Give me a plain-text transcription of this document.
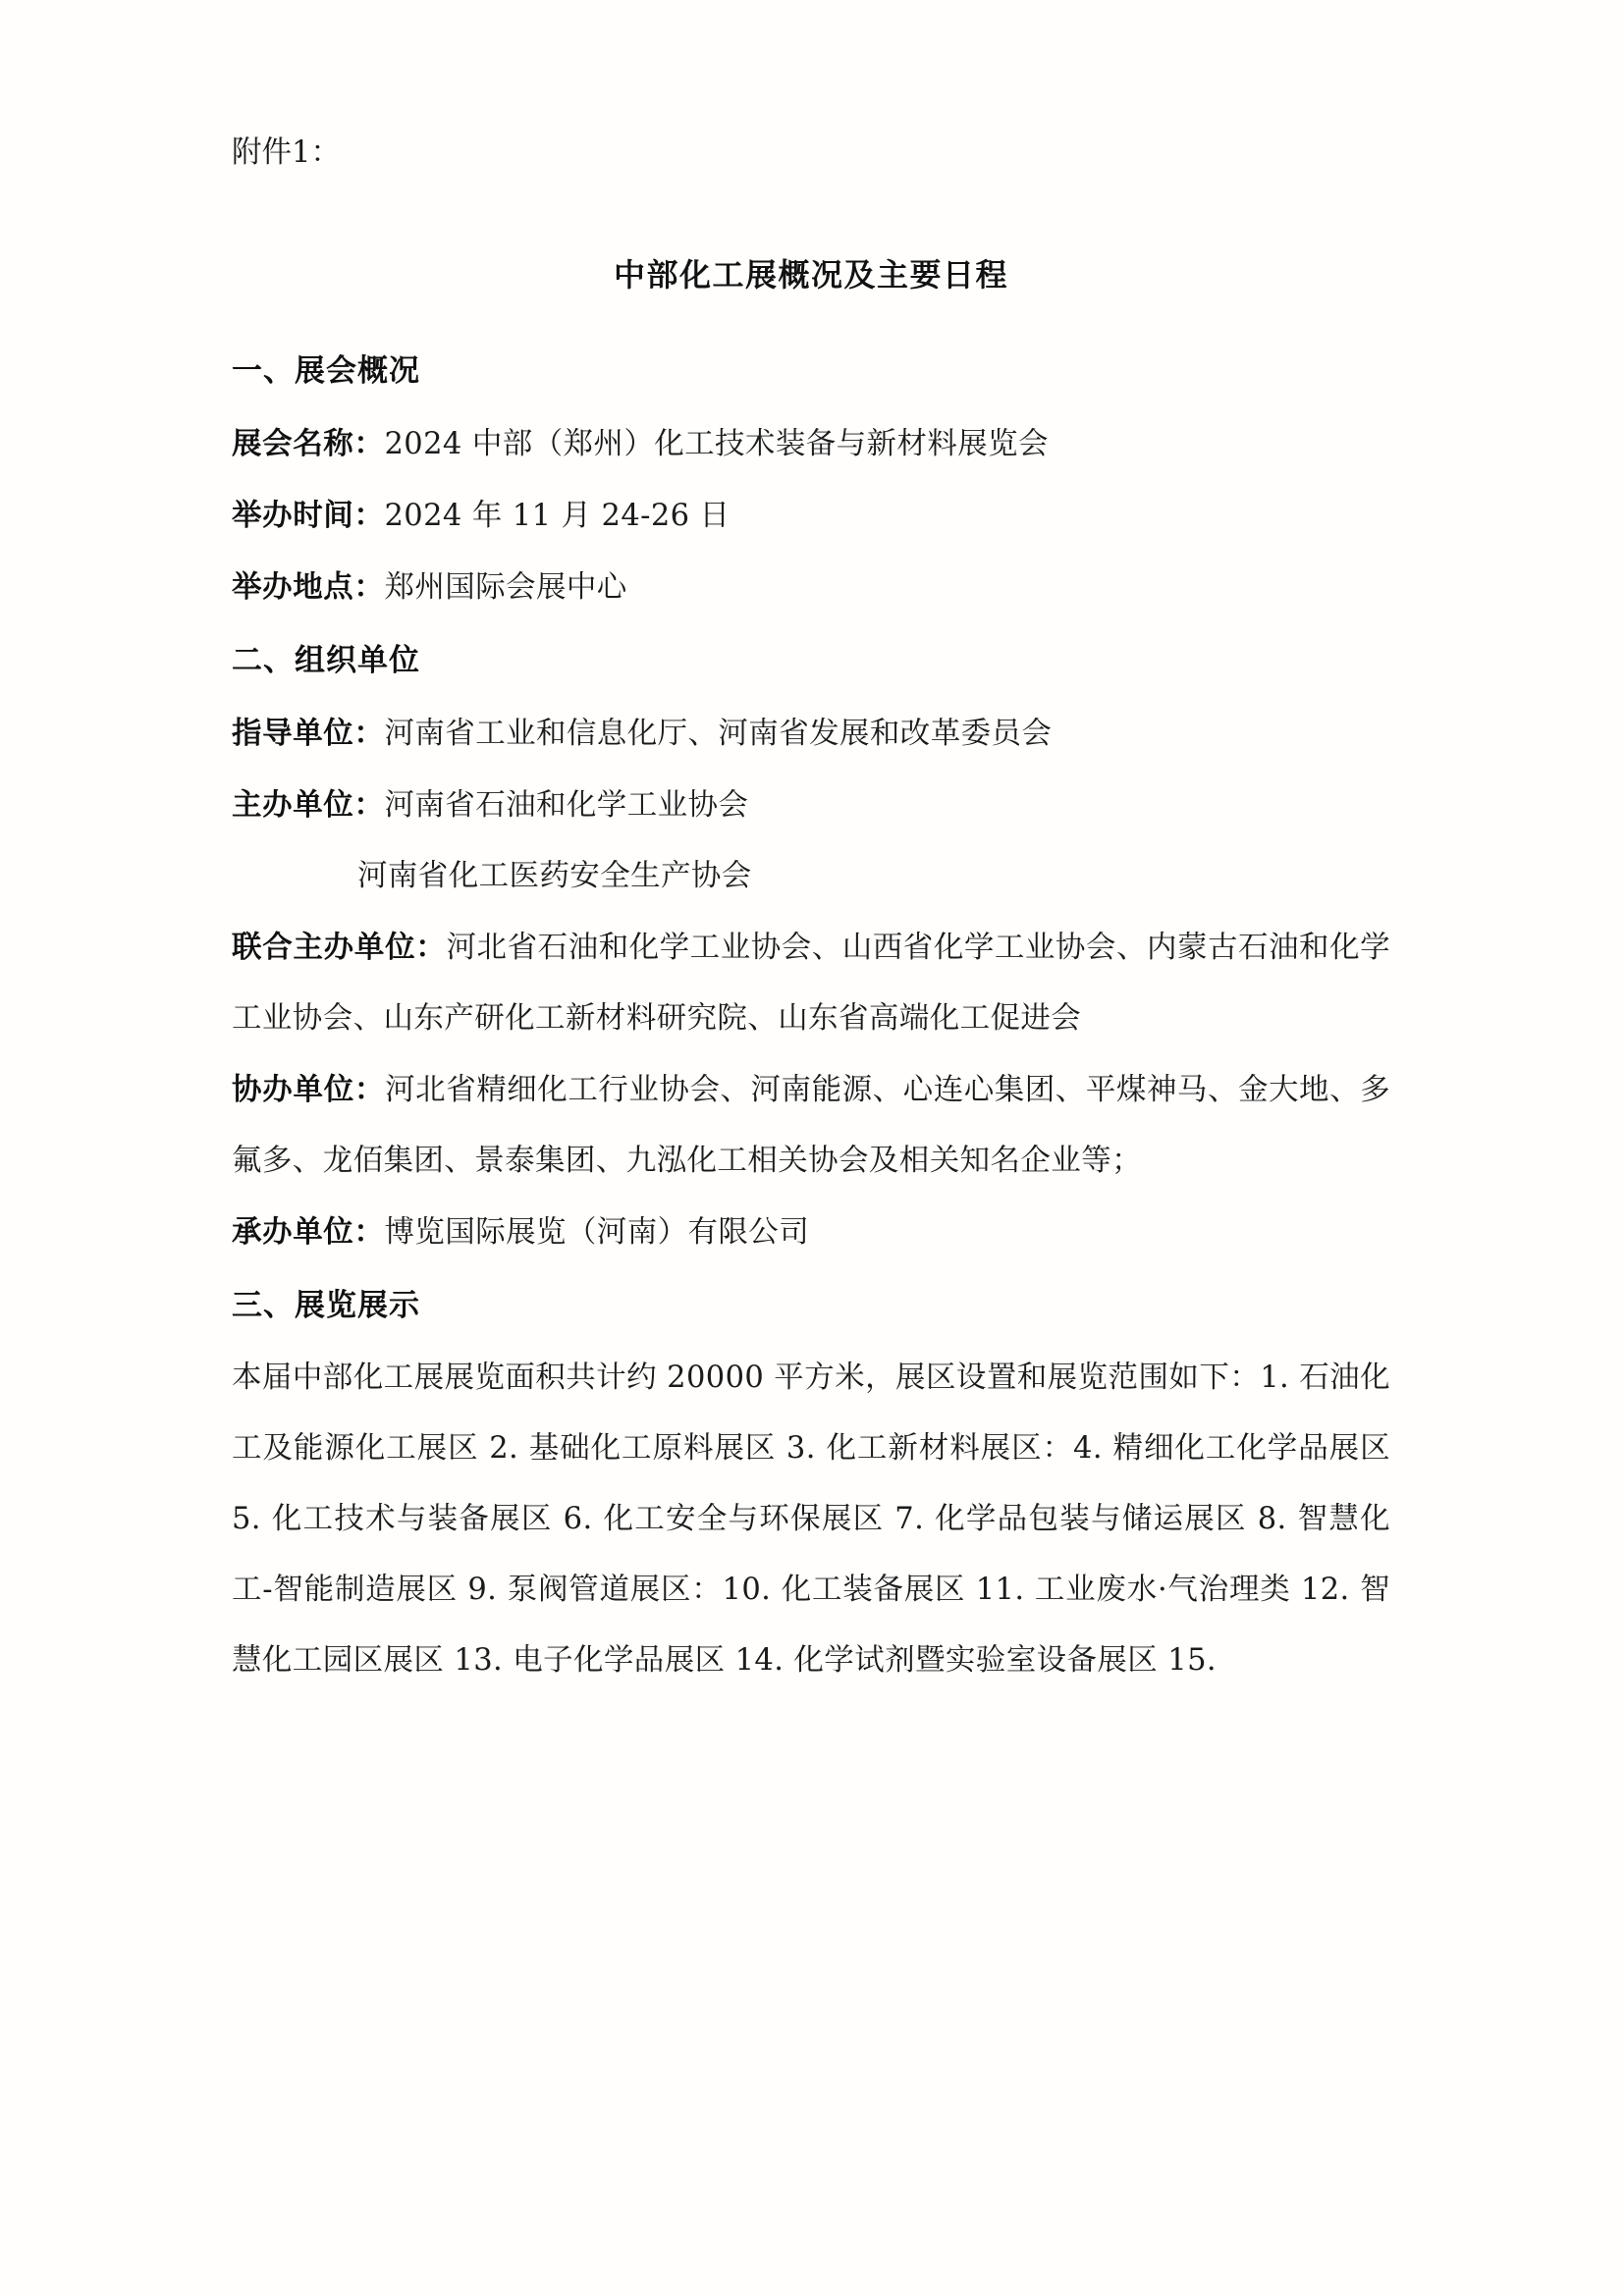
附件1：

中部化工展概况及主要日程
一、展会概况

展会名称：2024 中部（郑州）化工技术装备与新材料展览会

举办时间：2024 年 11 月 24-26 日

举办地点：郑州国际会展中心

二、组织单位

指导单位：河南省工业和信息化厅、河南省发展和改革委员会

主办单位：河南省石油和化学工业协会

河南省化工医药安全生产协会

联合主办单位：河北省石油和化学工业协会、山西省化学工业协会、内蒙古石油和化学工业协会、山东产研化工新材料研究院、山东省高端化工促进会

协办单位：河北省精细化工行业协会、河南能源、心连心集团、平煤神马、金大地、多氟多、龙佰集团、景泰集团、九泓化工相关协会及相关知名企业等；

承办单位：博览国际展览（河南）有限公司

三、展览展示

本届中部化工展展览面积共计约 20000 平方米，展区设置和展览范围如下：1. 石油化工及能源化工展区 2. 基础化工原料展区 3. 化工新材料展区：4. 精细化工化学品展区 5. 化工技术与装备展区 6. 化工安全与环保展区 7. 化学品包装与储运展区 8. 智慧化工-智能制造展区 9. 泵阀管道展区：10. 化工装备展区 11. 工业废水·气治理类 12. 智慧化工园区展区 13. 电子化学品展区 14. 化学试剂暨实验室设备展区 15.
